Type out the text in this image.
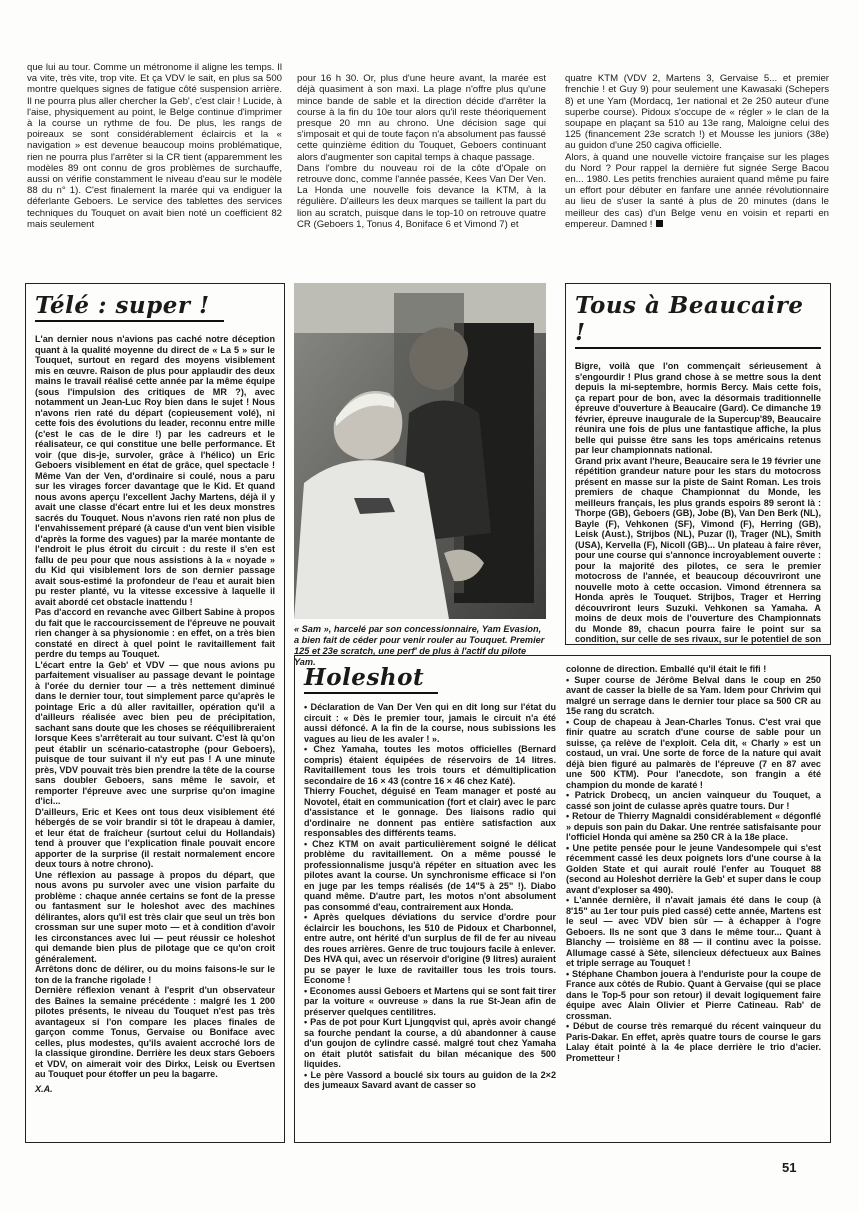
que lui au tour. Comme un métronome il aligne les temps. Il va vite, très vite, trop vite. Et ça VDV le sait, en plus sa 500 montre quelques signes de fatigue côté suspension arrière. Il ne pourra plus aller chercher la Geb', c'est clair ! Lucide, à l'aise, physiquement au point, le Belge continue d'imprimer à la course un rythme de fou. De plus, les rangs de poireaux se sont considérablement éclaircis et la « navigation » est devenue beaucoup moins problématique, rien ne pourra plus l'arrêter si la CR tient (apparemment les modèles 89 ont connu de gros problèmes de surchauffe, aussi on vérifie constamment le niveau d'eau sur le modèle 88 du n° 1). C'est finalement la marée qui va endiguer la déferlante Geboers. Le service des tablettes des services techniques du Touquet on avait bien noté un coefficient 82 mais seulement

pour 16 h 30. Or, plus d'une heure avant, la marée est déjà quasiment à son maxi. La plage n'offre plus qu'une mince bande de sable et la direction décide d'arrêter la course à la fin du 10e tour alors qu'il reste théoriquement presque 20 mn au chrono. Une décision sage qui s'imposait et qui de toute façon n'a absolument pas faussé cette quinzième édition du Touquet, Geboers continuant alors d'augmenter son capital temps à chaque passage.
Dans l'ombre du nouveau roi de la côte d'Opale on retrouve donc, comme l'année passée, Kees Van Der Ven. La Honda une nouvelle fois devance la KTM, à la régulière. D'ailleurs les deux marques se taillent la part du lion au scratch, puisque dans le top-10 on retrouve quatre CR (Geboers 1, Tonus 4, Boniface 6 et Vimond 7) et

quatre KTM (VDV 2, Martens 3, Gervaise 5... et premier frenchie ! et Guy 9) pour seulement une Kawasaki (Schepers 8) et une Yam (Mordacq, 1er national et 2e 250 auteur d'une superbe course). Pidoux s'occupe de « régler » le clan de la soupape en plaçant sa 510 au 13e rang, Maloigne celui des 125 (financement 23e scratch !) et Mousse les juniors (38e) au guidon d'une 250 cagiva officielle.
Alors, à quand une nouvelle victoire française sur les plages du Nord ? Pour rappel la dernière fut signée Serge Bacou en... 1980. Les petits frenchies auraient quand même pu faire un effort pour débuter en fanfare une année révolutionnaire au lieu de s'user la santé à plus de 20 minutes (dans le meilleur des cas) d'un Belge venu en voisin et reparti en empereur. Damned !

Télé : super !

L'an dernier nous n'avions pas caché notre déception quant à la qualité moyenne du direct de « La 5 » sur le Touquet, surtout en regard des moyens visiblement mis en œuvre. Raison de plus pour applaudir des deux mains le travail réalisé cette année par la même équipe (sous l'impulsion des critiques de MR ?), avec notamment un Jean-Luc Roy bien dans le sujet ! Nous n'avons rien raté du départ (copieusement volé), ni cette fois des évolutions du leader, reconnu entre mille (c'est le cas de le dire !) par les cadreurs et le réalisateur, ce qui constitue une belle performance. Et voir (que dis-je, survoler, grâce à l'hélico) un Eric Geboers visiblement en état de grâce, quel spectacle ! Même Van der Ven, d'ordinaire si coulé, nous a paru sur les virages forcer davantage que le Kid. Et quand nous avons aperçu l'excellent Jachy Martens, déjà il y avait une classe d'écart entre lui et les deux monstres sacrés du Touquet. Nous n'avons rien raté non plus de l'envahissement préparé (à cause d'un vent bien visible d'après la forme des vagues) par la marée montante de l'endroit le plus étroit du circuit : du reste il s'en est fallu de peu pour que nous assistions à la « noyade » du Kid qui visiblement lors de son dernier passage avait sous-estimé la profondeur de l'eau et aurait bien pu rester planté, vu la vitesse excessive à laquelle il avait abordé cet obstacle inattendu !

Pas d'accord en revanche avec Gilbert Sabine à propos du fait que le raccourcissement de l'épreuve ne pouvait rien changer à sa physionomie : en effet, on a très bien constaté en direct à quel point le ravitaillement fait perdre du temps au Touquet.

L'écart entre la Geb' et VDV — que nous avions pu parfaitement visualiser au passage devant le pointage à l'orée du dernier tour — a très nettement diminué dans le dernier tour, tout simplement parce qu'après le pointage Eric a dû aller ravitailler, opération qu'il a d'ailleurs réalisée avec bien peu de précipitation, sachant sans doute que les choses se rééquilibreraient lorsque Kees s'arrêterait au tour suivant. C'est là qu'on peut établir un scénario-catastrophe (pour Geboers), puisque de tour suivant il n'y eut pas ! A une minute près, VDV pouvait très bien prendre la tête de la course sans doubler Geboers, sans même le savoir, et remporter l'épreuve avec une surprise qu'on imagine d'ici...

D'ailleurs, Eric et Kees ont tous deux visiblement été hébergés de se voir brandir si tôt le drapeau à damier, et leur état de fraîcheur (surtout celui du Hollandais) tend à prouver que l'explication finale pouvait encore apporter de la surprise (il restait normalement encore deux tours à notre chrono).

Une réflexion au passage à propos du départ, que nous avons pu survoler avec une vision parfaite du problème : chaque année certains se font de la presse ou fantasment sur le holeshot avec des machines délirantes, alors qu'il est très clair que seul un très bon crossman sur une super moto — et à condition d'avoir les circonstances avec lui — peut réussir ce holeshot qui demande bien plus de pilotage que ce qu'on croit généralement.

Arrêtons donc de délirer, ou du moins faisons-le sur le ton de la franche rigolade !

Dernière réflexion venant à l'esprit d'un observateur des Baînes la semaine précédente : malgré les 1 200 pilotes présents, le niveau du Touquet n'est pas très avantageux si l'on compare les places finales de garçon comme Tonus, Gervaise ou Boniface avec celles, plus modestes, qu'ils avaient accroché lors de la classique girondine. Derrière les deux stars Geboers et VDV, on aimerait voir des Dirkx, Leisk ou Evertsen au Touquet pour étoffer un peu la bagarre.

X.A.

« Sam », harcelé par son concessionnaire, Yam Evasion, a bien fait de céder pour venir rouler au Touquet. Premier 125 et 23e scratch, une perf' de plus à l'actif du pilote Yam.
Tous à Beaucaire !

Bigre, voilà que l'on commençait sérieusement à s'engourdir ! Plus grand chose à se mettre sous la dent depuis la mi-septembre, hormis Bercy. Mais cette fois, ça repart pour de bon, avec la désormais traditionnelle épreuve d'ouverture à Beaucaire (Gard). Ce dimanche 19 février, épreuve inaugurale de la Supercup'89, Beaucaire réunira une fois de plus une fantastique affiche, la plus belle qui puisse être sans les tops américains retenus par leur championnats national.

Grand prix avant l'heure, Beaucaire sera le 19 février une répétition grandeur nature pour les stars du motocross présent en masse sur la piste de Saint Roman. Les trois premiers de chaque Championnat du Monde, les meilleurs français, les plus grands espoirs 89 seront là : Thorpe (GB), Geboers (GB), Jobe (B), Van Den Berk (NL), Bayle (F), Vehkonen (SF), Vimond (F), Herring (GB), Leisk (Aust.), Strijbos (NL), Puzar (I), Trager (NL), Smith (USA), Kervella (F), Nicoll (GB)... Un plateau à faire rêver, pour une course qui s'annonce incroyablement ouverte : pour la majorité des pilotes, ce sera le premier motocross de l'année, et beaucoup découvriront une nouvelle moto à cette occasion. Vimond étrennera sa Honda après le Touquet. Strijbos, Trager et Herring découvriront leurs Suzuki. Vehkonen sa Yamaha. A moins de deux mois de l'ouverture des Championnats du Monde 89, chacun pourra faire le point sur sa condition, sur celle de ses rivaux, sur le potentiel de son

Holeshot

• Déclaration de Van Der Ven qui en dit long sur l'état du circuit : « Dès le premier tour, jamais le circuit n'a été aussi défoncé. A la fin de la course, nous subissions les vagues au lieu de les avaler ! ».

• Chez Yamaha, toutes les motos officielles (Bernard compris) étaient équipées de réservoirs de 14 litres. Ravitaillement tous les trois tours et démultiplication secondaire de 16 × 43 (contre 16 × 46 chez Katé).

Thierry Fouchet, déguisé en Team manager et posté au Novotel, était en communication (fort et clair) avec le parc d'assistance et le gonnage. Des liaisons radio qui d'ordinaire ne donnent pas entière satisfaction aux responsables des différents teams.

• Chez KTM on avait particulièrement soigné le délicat problème du ravitaillement. On a même poussé le professionnalisme jusqu'à répéter en situation avec les pilotes avant la course. Un synchronisme efficace si l'on en juge par les temps réalisés (de 14"5 à 25" !). Diabo quand même. D'autre part, les motos n'ont absolument pas consommé d'eau, contrairement aux Honda.

• Après quelques déviations du service d'ordre pour éclaircir les bouchons, les 510 de Pidoux et Charbonnel, entre autre, ont hérité d'un surplus de fil de fer au niveau des roues arrières. Genre de truc toujours facile à enlever.

Des HVA qui, avec un réservoir d'origine (9 litres) auraient pu se payer le luxe de ravitailler tous les trois tours. Econome !

• Economes aussi Geboers et Martens qui se sont fait tirer par la voiture « ouvreuse » dans la rue St-Jean afin de préserver quelques centilitres.

• Pas de pot pour Kurt Ljungqvist qui, après avoir changé sa fourche pendant la course, a dû abandonner à cause d'un goujon de cylindre cassé. malgré tout chez Yamaha on était plutôt satisfait du bilan mécanique des 500 liquides.

• Le père Vassord a bouclé six tours au guidon de la 2×2 des jumeaux Savard avant de casser so

colonne de direction. Emballé qu'il était le fifi !

• Super course de Jérôme Belval dans le coup en 250 avant de casser la bielle de sa Yam. Idem pour Chrivim qui malgré un serrage dans le dernier tour place sa 500 CR au 15e rang du scratch.

• Coup de chapeau à Jean-Charles Tonus. C'est vrai que finir quatre au scratch d'une course de sable pour un suisse, ça relève de l'exploit. Cela dit, « Charly » est un costaud, un vrai. Une sorte de force de la nature qui avait déjà bien figuré au palmarès de l'épreuve (7 en 87 avec une 500 KTM). Pour l'anecdote, son frangin a été champion du monde de karaté !

• Patrick Drobecq, un ancien vainqueur du Touquet, a cassé son joint de culasse après quatre tours. Dur !

• Retour de Thierry Magnaldi considérablement « dégonflé » depuis son pain du Dakar. Une rentrée satisfaisante pour l'officiel Honda qui amène sa 250 CR à la 18e place.

• Une petite pensée pour le jeune Vandesompele qui s'est récemment cassé les deux poignets lors d'une course à la Golden State et qui aurait roulé l'enfer au Touquet 88 (second au Holeshot derrière la Geb' et super dans le coup avant d'exploser sa 490).

• L'année dernière, il n'avait jamais été dans le coup (à 8'15" au 1er tour puis pied cassé) cette année, Martens est le seul — avec VDV bien sûr — à échapper à l'ogre Geboers. Ils ne sont que 3 dans le même tour... Quant à Blanchy — troisième en 88 — il continu avec la poisse. Allumage cassé à Sète, silencieux défectueux aux Baînes et triple serrage au Touquet !

• Stéphane Chambon jouera à l'enduriste pour la coupe de France aux côtés de Rubio. Quant à Gervaise (qui se place dans le Top-5 pour son retour) il devait logiquement faire équipe avec Alain Olivier et Pierre Catineau. Rab' de crossman.

• Début de course très remarqué du récent vainqueur du Paris-Dakar. En effet, après quatre tours de course le gars Lalay était pointé à la 4e place derrière le trio d'acier. Prometteur !

51
